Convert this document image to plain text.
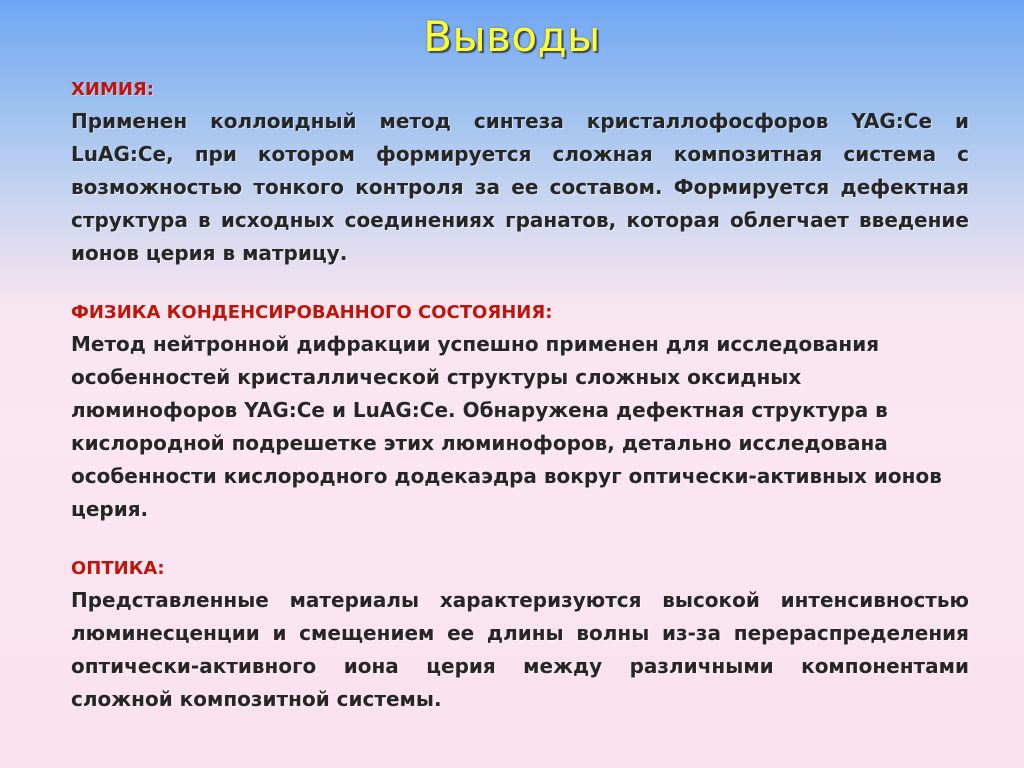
Выводы

ХИМИЯ:

Применен коллоидный метод синтеза кристаллофосфоров YAG:Ce и LuAG:Ce, при котором формируется сложная композитная система с возможностью тонкого контроля за ее составом. Формируется дефектная структура в исходных соединениях гранатов, которая облегчает введение ионов церия в матрицу.

ФИЗИКА КОНДЕНСИРОВАННОГО СОСТОЯНИЯ:

Метод нейтронной дифракции успешно применен для исследования особенностей кристаллической структуры сложных оксидных люминофоров YAG:Ce и LuAG:Ce. Обнаружена дефектная структура в кислородной подрешетке этих люминофоров, детально исследована особенности кислородного додекаэдра вокруг оптически-активных ионов церия.

ОПТИКА:

Представленные материалы характеризуются высокой интенсивностью люминесценции и смещением ее длины волны из-за перераспределения оптически-активного иона церия между различными компонентами сложной композитной системы.
